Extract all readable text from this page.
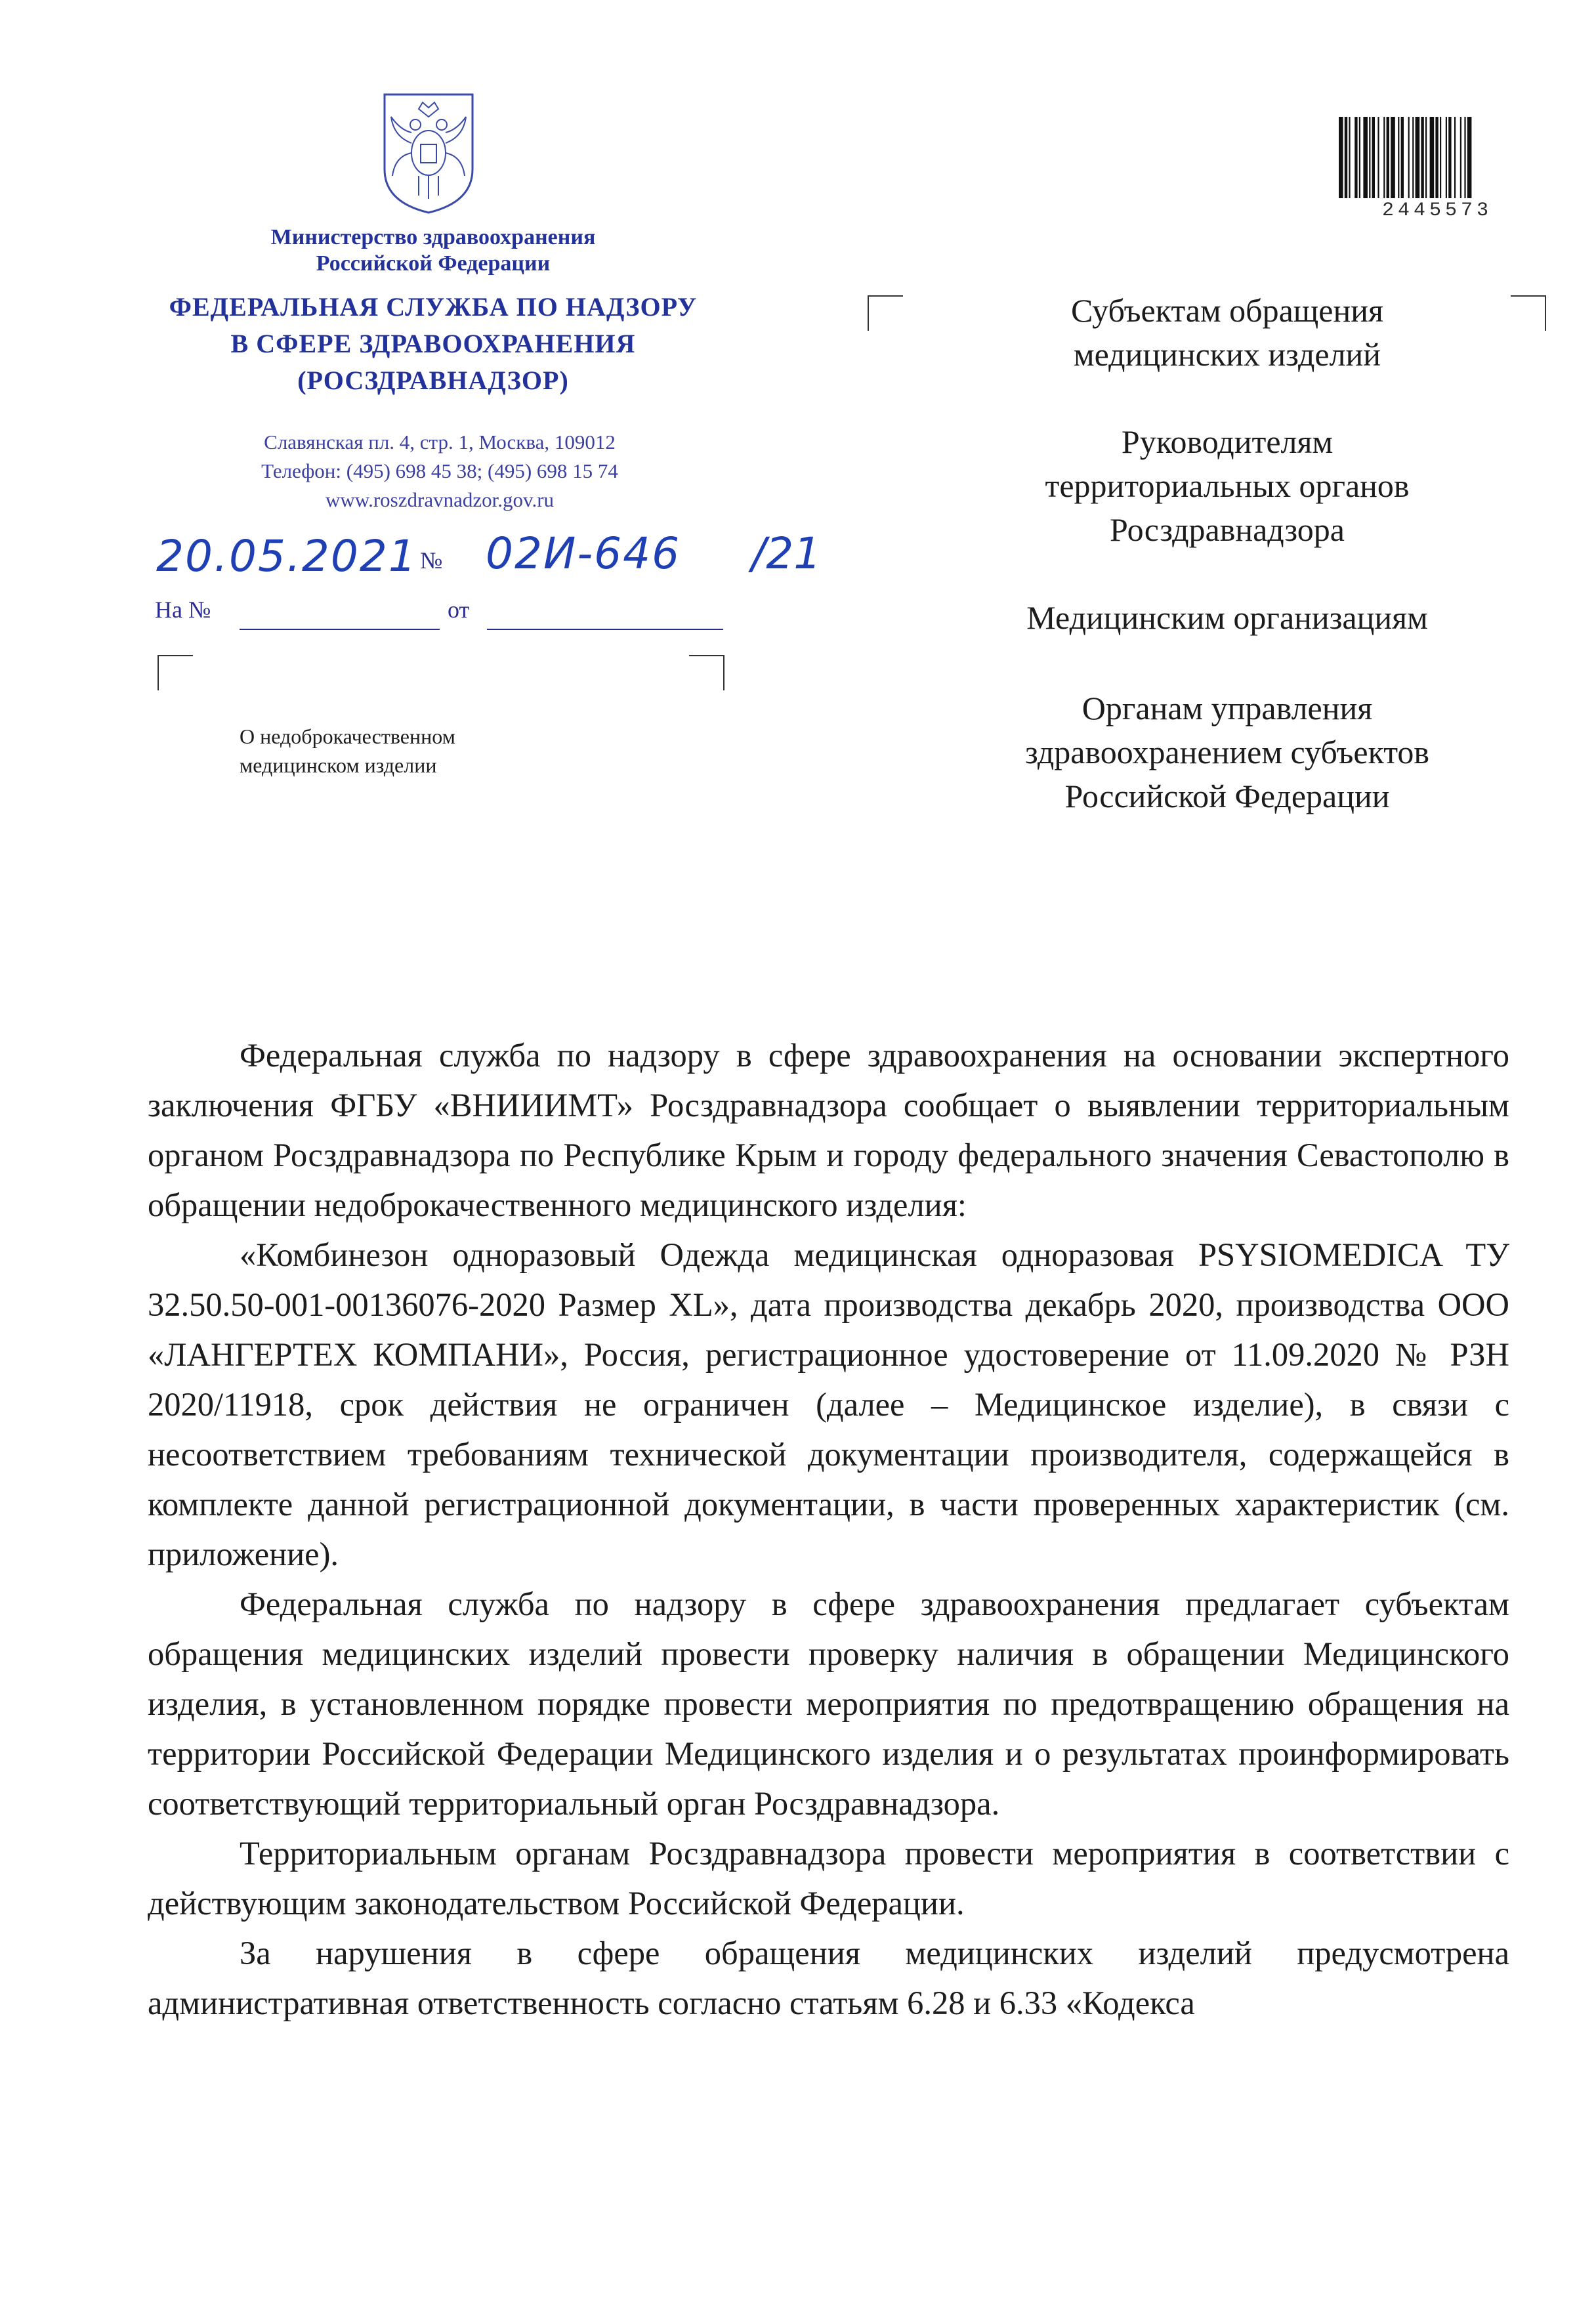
2445573
Министерство здравоохранения
Российской Федерации
ФЕДЕРАЛЬНАЯ СЛУЖБА ПО НАДЗОРУ
В СФЕРЕ ЗДРАВООХРАНЕНИЯ
(РОСЗДРАВНАДЗОР)
Славянская пл. 4, стр. 1, Москва, 109012
Телефон: (495) 698 45 38; (495) 698 15 74
www.roszdravnadzor.gov.ru
20.05.2021 № 02И-646 /21
На №	от
О недоброкачественном
медицинском изделии
Субъектам обращения
медицинских изделий
Руководителям
территориальных органов
Росздравнадзора
Медицинским организациям
Органам управления
здравоохранением субъектов
Российской Федерации

Федеральная служба по надзору в сфере здравоохранения на основании экспертного заключения ФГБУ «ВНИИИМТ» Росздравнадзора сообщает о выявлении территориальным органом Росздравнадзора по Республике Крым и городу федерального значения Севастополю в обращении недоброкачественного медицинского изделия:

«Комбинезон одноразовый Одежда медицинская одноразовая PSYSIOMEDICA ТУ 32.50.50-001-00136076-2020 Размер XL», дата производства декабрь 2020, производства ООО «ЛАНГЕРТЕХ КОМПАНИ», Россия, регистрационное удостоверение от 11.09.2020 № РЗН 2020/11918, срок действия не ограничен (далее – Медицинское изделие), в связи с несоответствием требованиям технической документации производителя, содержащейся в комплекте данной регистрационной документации, в части проверенных характеристик (см. приложение).

Федеральная служба по надзору в сфере здравоохранения предлагает субъектам обращения медицинских изделий провести проверку наличия в обращении Медицинского изделия, в установленном порядке провести мероприятия по предотвращению обращения на территории Российской Федерации Медицинского изделия и о результатах проинформировать соответствующий территориальный орган Росздравнадзора.

Территориальным органам Росздравнадзора провести мероприятия в соответствии с действующим законодательством Российской Федерации.

За нарушения в сфере обращения медицинских изделий предусмотрена административная ответственность согласно статьям 6.28 и 6.33 «Кодекса
